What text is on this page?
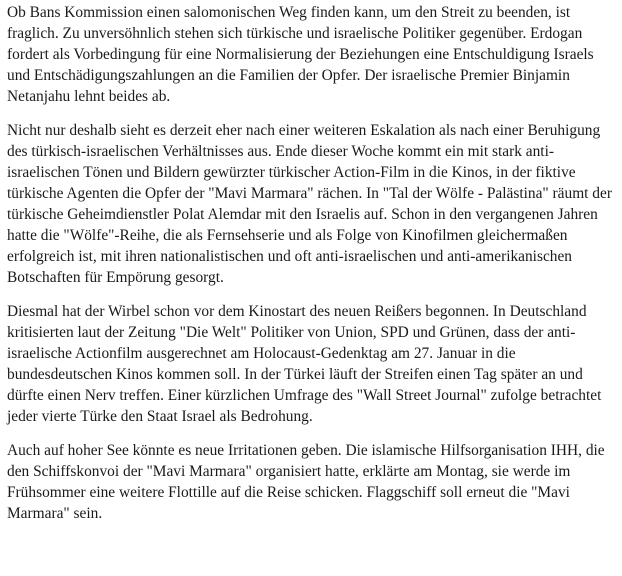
Ob Bans Kommission einen salomonischen Weg finden kann, um den Streit zu beenden, ist fraglich. Zu unversöhnlich stehen sich türkische und israelische Politiker gegenüber. Erdogan fordert als Vorbedingung für eine Normalisierung der Beziehungen eine Entschuldigung Israels und Entschädigungszahlungen an die Familien der Opfer. Der israelische Premier Binjamin Netanjahu lehnt beides ab.

Nicht nur deshalb sieht es derzeit eher nach einer weiteren Eskalation als nach einer Beruhigung des türkisch-israelischen Verhältnisses aus. Ende dieser Woche kommt ein mit stark anti-israelischen Tönen und Bildern gewürzter türkischer Action-Film in die Kinos, in der fiktive türkische Agenten die Opfer der "Mavi Marmara" rächen. In "Tal der Wölfe - Palästina" räumt der türkische Geheimdienstler Polat Alemdar mit den Israelis auf. Schon in den vergangenen Jahren hatte die "Wölfe"-Reihe, die als Fernsehserie und als Folge von Kinofilmen gleichermaßen erfolgreich ist, mit ihren nationalistischen und oft anti-israelischen und anti-amerikanischen Botschaften für Empörung gesorgt.

Diesmal hat der Wirbel schon vor dem Kinostart des neuen Reißers begonnen. In Deutschland kritisierten laut der Zeitung "Die Welt" Politiker von Union, SPD und Grünen, dass der anti-israelische Actionfilm ausgerechnet am Holocaust-Gedenktag am 27. Januar in die bundesdeutschen Kinos kommen soll. In der Türkei läuft der Streifen einen Tag später an und dürfte einen Nerv treffen. Einer kürzlichen Umfrage des "Wall Street Journal" zufolge betrachtet jeder vierte Türke den Staat Israel als Bedrohung.

Auch auf hoher See könnte es neue Irritationen geben. Die islamische Hilfsorganisation IHH, die den Schiffskonvoi der "Mavi Marmara" organisiert hatte, erklärte am Montag, sie werde im Frühsommer eine weitere Flottille auf die Reise schicken. Flaggschiff soll erneut die "Mavi Marmara" sein.
